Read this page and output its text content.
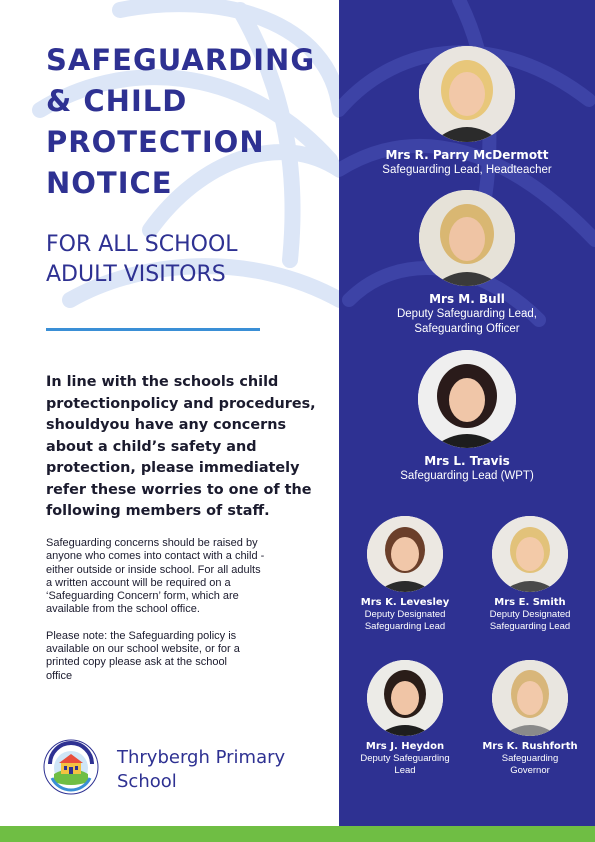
SAFEGUARDING
& CHILD
PROTECTION
NOTICE
FOR ALL SCHOOL
ADULT VISITORS
In line with the schools child
protectionpolicy and procedures,
shouldyou have any concerns
about a child’s safety and
protection, please immediately
refer these worries to one of the
following members of staff.
Safeguarding concerns should be raised by
anyone who comes into contact with a child -
either outside or inside school. For all adults
a written account will be required on a
‘Safeguarding Concern’ form, which are
available from the school office.
Please note: the Safeguarding policy is
available on our school website, or for a
printed copy please ask at the school
office
Thrybergh Primary
School
Mrs R. Parry McDermott
Safeguarding Lead, Headteacher
Mrs M. Bull
Deputy Safeguarding Lead,
Safeguarding Officer
Mrs L. Travis
Safeguarding Lead (WPT)
Mrs K. Levesley
Deputy Designated
Safeguarding Lead
Mrs E. Smith
Deputy Designated
Safeguarding Lead
Mrs J. Heydon
Deputy Safeguarding
Lead
Mrs K. Rushforth
Safeguarding
Governor
